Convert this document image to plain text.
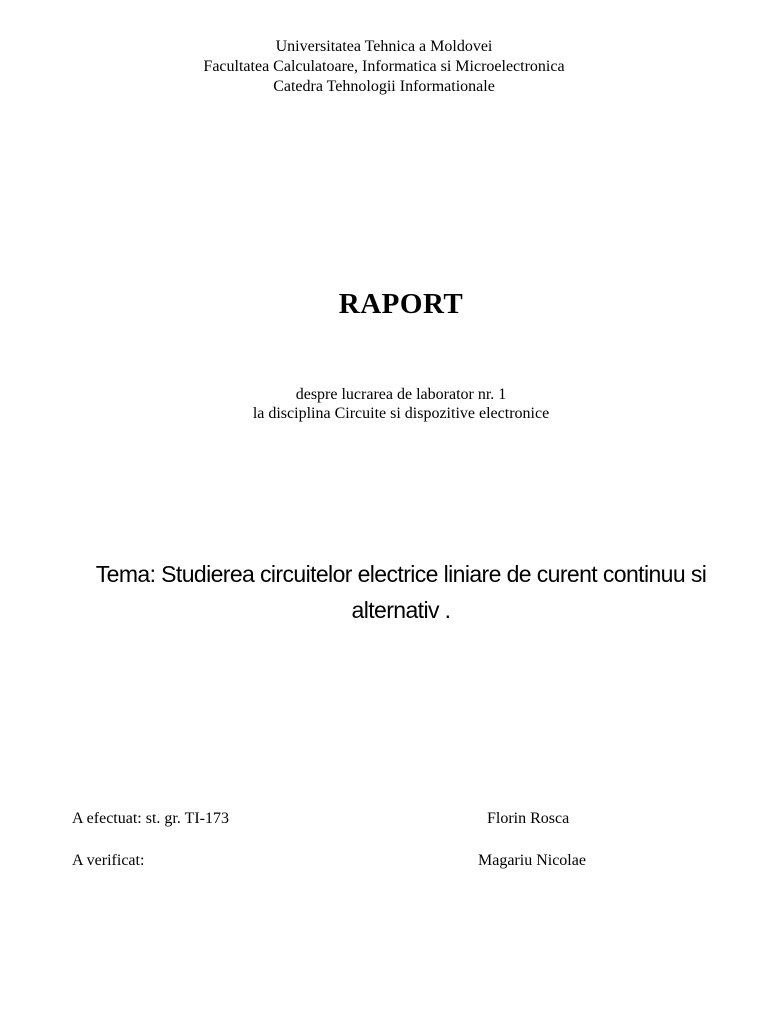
Universitatea Tehnica a Moldovei
Facultatea Calculatoare, Informatica si Microelectronica
Catedra Tehnologii Informationale
RAPORT
despre lucrarea de laborator nr. 1
la disciplina Circuite si dispozitive electronice
Tema: Studierea circuitelor electrice liniare de curent continuu si
alternativ .
A efectuat: st. gr. TI-173	Florin Rosca
A verificat:	Magariu Nicolae
